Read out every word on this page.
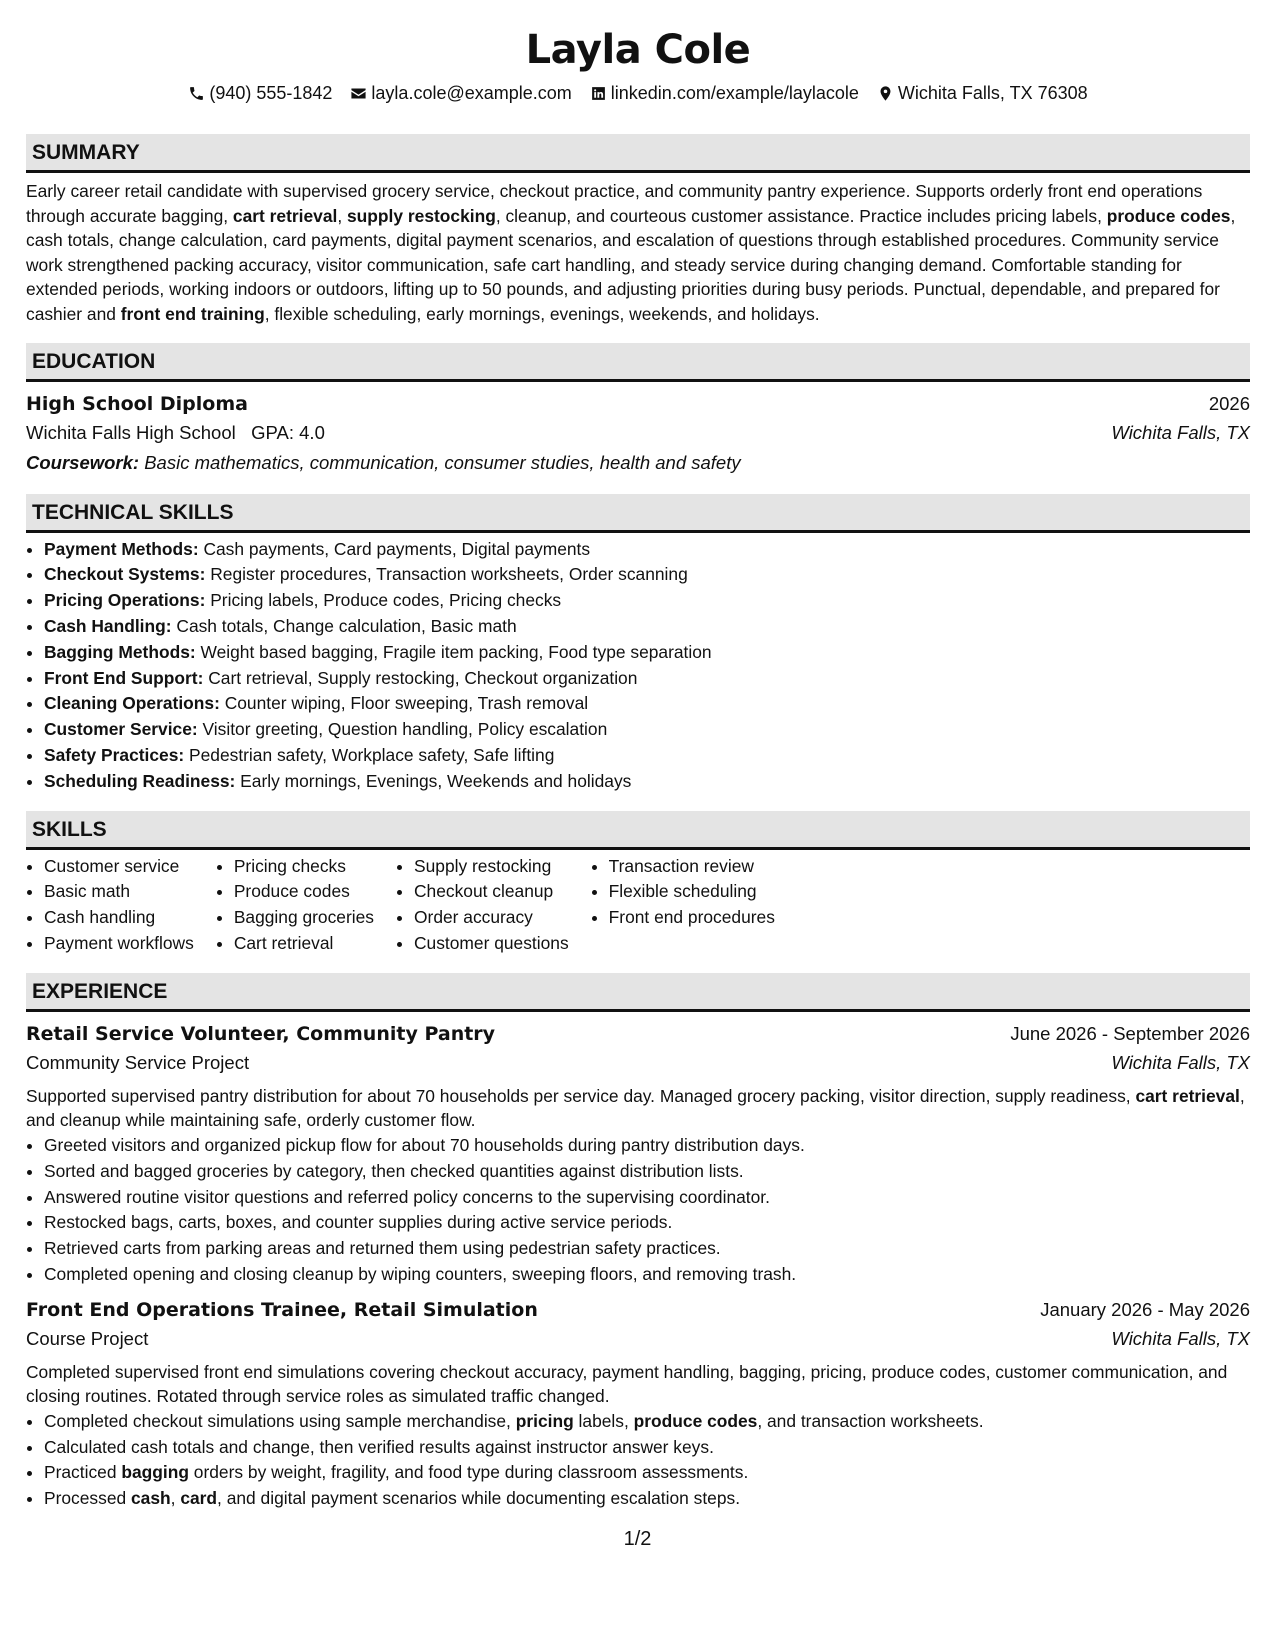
Layla Cole
(940) 555-1842 layla.cole@example.com linkedin.com/example/laylacole Wichita Falls, TX 76308
SUMMARY
Early career retail candidate with supervised grocery service, checkout practice, and community pantry experience. Supports orderly front end operations through accurate bagging, cart retrieval, supply restocking, cleanup, and courteous customer assistance. Practice includes pricing labels, produce codes, cash totals, change calculation, card payments, digital payment scenarios, and escalation of questions through established procedures. Community service work strengthened packing accuracy, visitor communication, safe cart handling, and steady service during changing demand. Comfortable standing for extended periods, working indoors or outdoors, lifting up to 50 pounds, and adjusting priorities during busy periods. Punctual, dependable, and prepared for cashier and front end training, flexible scheduling, early mornings, evenings, weekends, and holidays.
EDUCATION
High School Diploma	2026
Wichita Falls High School GPA: 4.0	Wichita Falls, TX
Coursework: Basic mathematics, communication, consumer studies, health and safety
TECHNICAL SKILLS
• Payment Methods: Cash payments, Card payments, Digital payments
• Checkout Systems: Register procedures, Transaction worksheets, Order scanning
• Pricing Operations: Pricing labels, Produce codes, Pricing checks
• Cash Handling: Cash totals, Change calculation, Basic math
• Bagging Methods: Weight based bagging, Fragile item packing, Food type separation
• Front End Support: Cart retrieval, Supply restocking, Checkout organization
• Cleaning Operations: Counter wiping, Floor sweeping, Trash removal
• Customer Service: Visitor greeting, Question handling, Policy escalation
• Safety Practices: Pedestrian safety, Workplace safety, Safe lifting
• Scheduling Readiness: Early mornings, Evenings, Weekends and holidays
SKILLS
• Customer service
• Basic math
• Cash handling
• Payment workflows
• Pricing checks
• Produce codes
• Bagging groceries
• Cart retrieval
• Supply restocking
• Checkout cleanup
• Order accuracy
• Customer questions
• Transaction review
• Flexible scheduling
• Front end procedures
EXPERIENCE
Retail Service Volunteer, Community Pantry	June 2026 - September 2026
Community Service Project	Wichita Falls, TX
Supported supervised pantry distribution for about 70 households per service day. Managed grocery packing, visitor direction, supply readiness, cart retrieval, and cleanup while maintaining safe, orderly customer flow.
• Greeted visitors and organized pickup flow for about 70 households during pantry distribution days.
• Sorted and bagged groceries by category, then checked quantities against distribution lists.
• Answered routine visitor questions and referred policy concerns to the supervising coordinator.
• Restocked bags, carts, boxes, and counter supplies during active service periods.
• Retrieved carts from parking areas and returned them using pedestrian safety practices.
• Completed opening and closing cleanup by wiping counters, sweeping floors, and removing trash.
Front End Operations Trainee, Retail Simulation	January 2026 - May 2026
Course Project	Wichita Falls, TX
Completed supervised front end simulations covering checkout accuracy, payment handling, bagging, pricing, produce codes, customer communication, and closing routines. Rotated through service roles as simulated traffic changed.
• Completed checkout simulations using sample merchandise, pricing labels, produce codes, and transaction worksheets.
• Calculated cash totals and change, then verified results against instructor answer keys.
• Practiced bagging orders by weight, fragility, and food type during classroom assessments.
• Processed cash, card, and digital payment scenarios while documenting escalation steps.
1/2
